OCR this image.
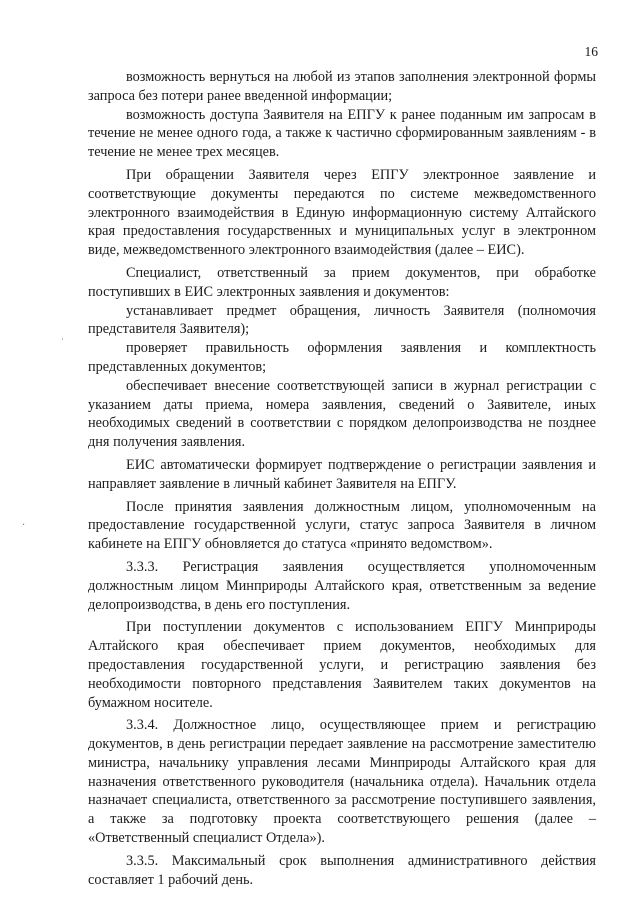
16
˙
·

возможность вернуться на любой из этапов заполнения электронной формы запроса без потери ранее введенной информации;

возможность доступа Заявителя на ЕПГУ к ранее поданным им запросам в течение не менее одного года, а также к частично сформированным заявлениям - в течение не менее трех месяцев.

При обращении Заявителя через ЕПГУ электронное заявление и соответствующие документы передаются по системе межведомственного электронного взаимодействия в Единую информационную систему Алтайского края предоставления государственных и муниципальных услуг в электронном виде, межведомственного электронного взаимодействия (далее – ЕИС).

Специалист, ответственный за прием документов, при обработке поступивших в ЕИС электронных заявления и документов:

устанавливает предмет обращения, личность Заявителя (полномочия представителя Заявителя);

проверяет правильность оформления заявления и комплектность представленных документов;

обеспечивает внесение соответствующей записи в журнал регистрации с указанием даты приема, номера заявления, сведений о Заявителе, иных необходимых сведений в соответствии с порядком делопроизводства не позднее дня получения заявления.

ЕИС автоматически формирует подтверждение о регистрации заявления и направляет заявление в личный кабинет Заявителя на ЕПГУ.

После принятия заявления должностным лицом, уполномоченным на предоставление государственной услуги, статус запроса Заявителя в личном кабинете на ЕПГУ обновляется до статуса «принято ведомством».

3.3.3. Регистрация заявления осуществляется уполномоченным должностным лицом Минприроды Алтайского края, ответственным за ведение делопроизводства, в день его поступления.

При поступлении документов с использованием ЕПГУ Минприроды Алтайского края обеспечивает прием документов, необходимых для предоставления государственной услуги, и регистрацию заявления без необходимости повторного представления Заявителем таких документов на бумажном носителе.

3.3.4. Должностное лицо, осуществляющее прием и регистрацию документов, в день регистрации передает заявление на рассмотрение заместителю министра, начальнику управления лесами Минприроды Алтайского края для назначения ответственного руководителя (начальника отдела). Начальник отдела назначает специалиста, ответственного за рассмотрение поступившего заявления, а также за подготовку проекта соответствующего решения (далее – «Ответственный специалист Отдела»).

3.3.5. Максимальный срок выполнения административного действия составляет 1 рабочий день.
